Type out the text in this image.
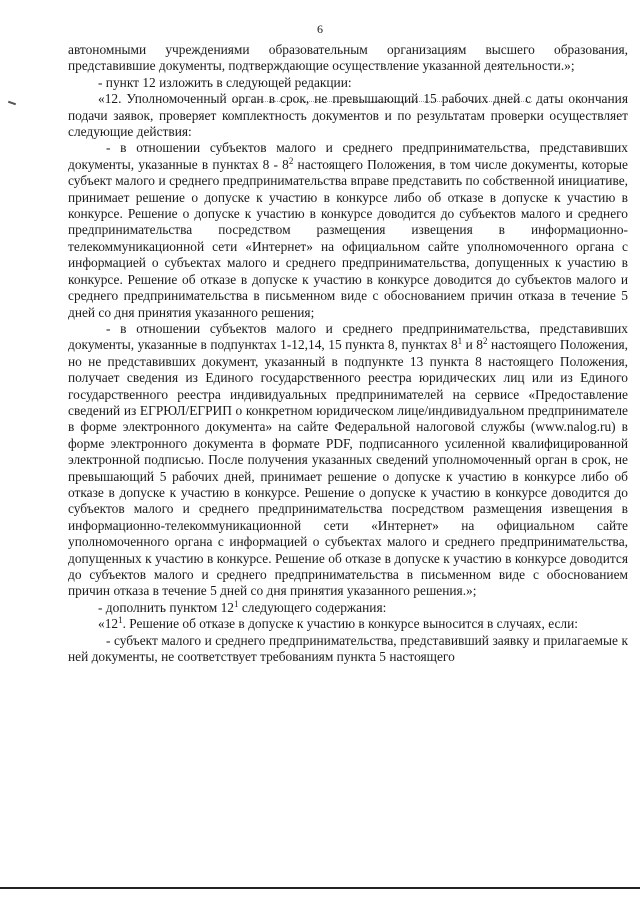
6

автономными учреждениями образовательным организациям высшего образования, представившие документы, подтверждающие осуществление указанной деятельности.»;

- пункт 12 изложить в следующей редакции:

«12. Уполномоченный орган в срок, не превышающий 15 рабочих дней с даты окончания подачи заявок, проверяет комплектность документов и по результатам проверки осуществляет следующие действия:

- в отношении субъектов малого и среднего предпринимательства, представивших документы, указанные в пунктах $8 - 8^2$ настоящего Положения, в том числе документы, которые субъект малого и среднего предпринимательства вправе представить по собственной инициативе, принимает решение о допуске к участию в конкурсе либо об отказе в допуске к участию в конкурсе. Решение о допуске к участию в конкурсе доводится до субъектов малого и среднего предпринимательства посредством размещения извещения в информационно-телекоммуникационной сети «Интернет» на официальном сайте уполномоченного органа с информацией о субъектах малого и среднего предпринимательства, допущенных к участию в конкурсе. Решение об отказе в допуске к участию в конкурсе доводится до субъектов малого и среднего предпринимательства в письменном виде с обоснованием причин отказа в течение 5 дней со дня принятия указанного решения;

- в отношении субъектов малого и среднего предпринимательства, представивших документы, указанные в подпунктах 1-12,14, 15 пункта 8, пунктах $8^1$ и $8^2$ настоящего Положения, но не представивших документ, указанный в подпункте 13 пункта 8 настоящего Положения, получает сведения из Единого государственного реестра юридических лиц или из Единого государственного реестра индивидуальных предпринимателей на сервисе «Предоставление сведений из ЕГРЮЛ/ЕГРИП о конкретном юридическом лице/индивидуальном предпринимателе в форме электронного документа» на сайте Федеральной налоговой службы (www.nalog.ru) в форме электронного документа в формате PDF, подписанного усиленной квалифицированной электронной подписью. После получения указанных сведений уполномоченный орган в срок, не превышающий 5 рабочих дней, принимает решение о допуске к участию в конкурсе либо об отказе в допуске к участию в конкурсе. Решение о допуске к участию в конкурсе доводится до субъектов малого и среднего предпринимательства посредством размещения извещения в информационно-телекоммуникационной сети «Интернет» на официальном сайте уполномоченного органа с информацией о субъектах малого и среднего предпринимательства, допущенных к участию в конкурсе. Решение об отказе в допуске к участию в конкурсе доводится до субъектов малого и среднего предпринимательства в письменном виде с обоснованием причин отказа в течение 5 дней со дня принятия указанного решения.»;

- дополнить пунктом $12^1$ следующего содержания:

«$12^1$. Решение об отказе в допуске к участию в конкурсе выносится в случаях, если:

- субъект малого и среднего предпринимательства, представивший заявку и прилагаемые к ней документы, не соответствует требованиям пункта 5 настоящего
